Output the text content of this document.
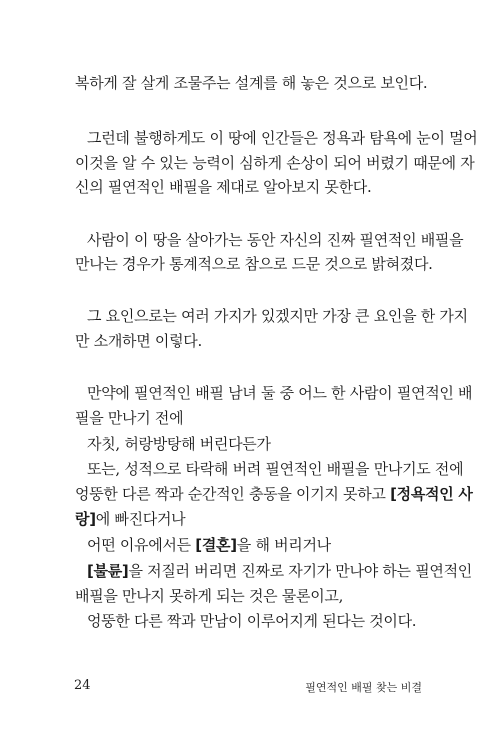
복하게 잘 살게 조물주는 설계를 해 놓은 것으로 보인다.
그런데 불행하게도 이 땅에 인간들은 정욕과 탐욕에 눈이 멀어
이것을 알 수 있는 능력이 심하게 손상이 되어 버렸기 때문에 자
신의 필연적인 배필을 제대로 알아보지 못한다.
사람이 이 땅을 살아가는 동안 자신의 진짜 필연적인 배필을
만나는 경우가 통계적으로 참으로 드문 것으로 밝혀졌다.
그 요인으로는 여러 가지가 있겠지만 가장 큰 요인을 한 가지
만 소개하면 이렇다.
만약에 필연적인 배필 남녀 둘 중 어느 한 사람이 필연적인 배
필을 만나기 전에
자칫, 허랑방탕해 버린다든가
또는, 성적으로 타락해 버려 필연적인 배필을 만나기도 전에
엉뚱한 다른 짝과 순간적인 충동을 이기지 못하고 [정욕적인 사
랑]에 빠진다거나
어떤 이유에서든 [결혼]을 해 버리거나
[불륜]을 저질러 버리면 진짜로 자기가 만나야 하는 필연적인
배필을 만나지 못하게 되는 것은 물론이고,
엉뚱한 다른 짝과 만남이 이루어지게 된다는 것이다.
24	필연적인 배필 찾는 비결
